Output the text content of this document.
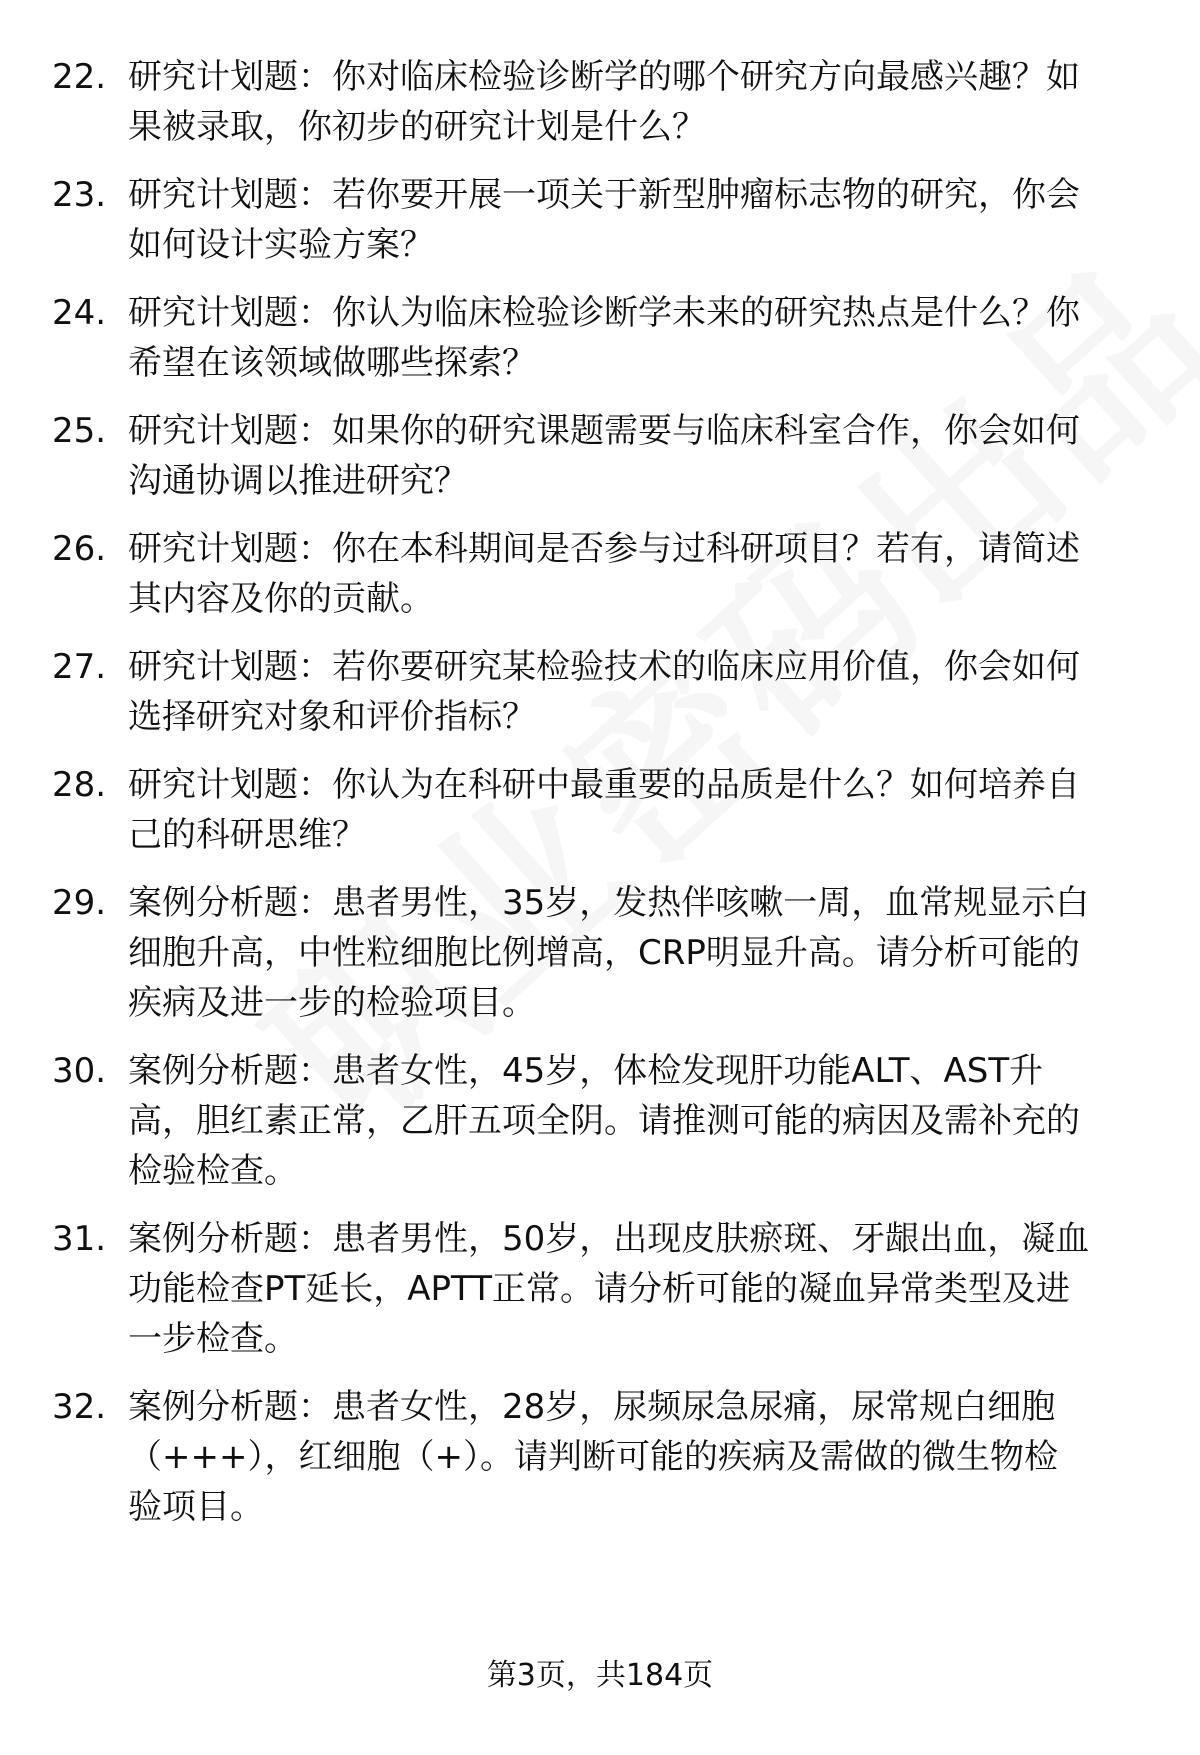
22. 研究计划题：你对临床检验诊断学的哪个研究方向最感兴趣？如
果被录取，你初步的研究计划是什么？
23. 研究计划题：若你要开展一项关于新型肿瘤标志物的研究，你会
如何设计实验方案？
24. 研究计划题：你认为临床检验诊断学未来的研究热点是什么？你
希望在该领域做哪些探索？
25. 研究计划题：如果你的研究课题需要与临床科室合作，你会如何
沟通协调以推进研究？
26. 研究计划题：你在本科期间是否参与过科研项目？若有，请简述
其内容及你的贡献。
27. 研究计划题：若你要研究某检验技术的临床应用价值，你会如何
选择研究对象和评价指标？
28. 研究计划题：你认为在科研中最重要的品质是什么？如何培养自
己的科研思维？
29. 案例分析题：患者男性，35岁，发热伴咳嗽一周，血常规显示白
细胞升高，中性粒细胞比例增高，CRP明显升高。请分析可能的
疾病及进一步的检验项目。
30. 案例分析题：患者女性，45岁，体检发现肝功能ALT、AST升
高，胆红素正常，乙肝五项全阴。请推测可能的病因及需补充的
检验检查。
31. 案例分析题：患者男性，50岁，出现皮肤瘀斑、牙龈出血，凝血
功能检查PT延长，APTT正常。请分析可能的凝血异常类型及进
一步检查。
32. 案例分析题：患者女性，28岁，尿频尿急尿痛，尿常规白细胞
（+++），红细胞（+）。请判断可能的疾病及需做的微生物检
验项目。
第3页，共184页
